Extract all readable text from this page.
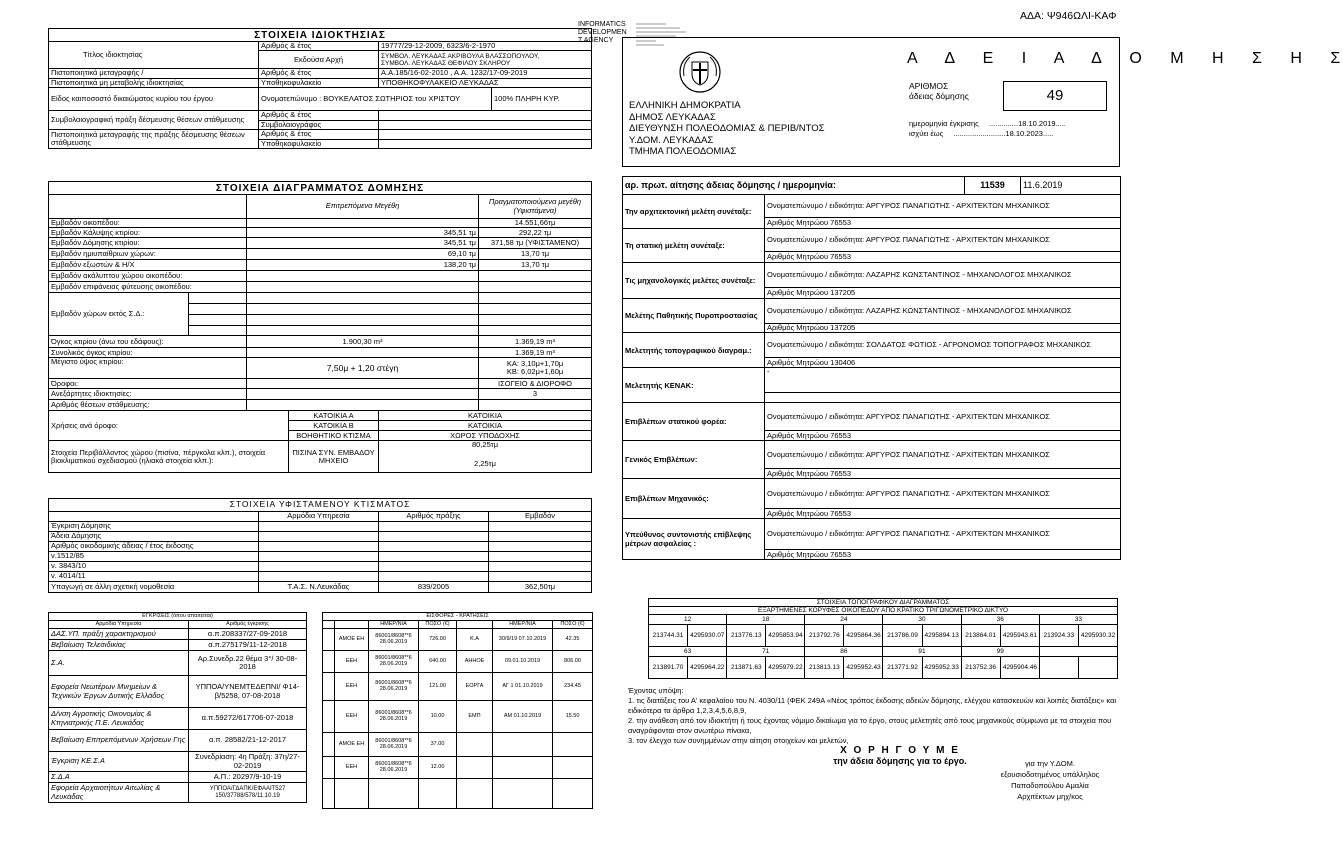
ΑΔΑ: Ψ946ΩΛΙ-ΚΑΦ
INFORMATICS
DEVELOPMEN
T AGENCY
ΣΤΟΙΧΕΙΑ ΙΔΙΟΚΤΗΣΙΑΣ			
Τίτλος ιδιοκτησίας	Αριθμός & έτος	19777/29-12-2009, 6323/6-2-1970	
	Εκδούσα Αρχή	ΣΥΜΒΟΛ. ΛΕΥΚΑΔΑΣ ΑΚΡΙΒΟΥΛΑ ΒΛΑΣΣΟΠΟΥΛΟΥ,
ΣΥΜΒΟΛ. ΛΕΥΚΑΔΑΣ ΘΕΦΙΛΟΥ ΣΚΛΗΡΟΥ	

Πιστοποιητικά μεταγραφής /	Αριθμός & έτος	Α.Α.185/16-02-2010 , Α.Α. 1232/17-09-2019	
Πιστοποιητικά μη μεταβολής ιδιοκτησίας	Υποθηκοφυλακείο	ΥΠΟΘΗΚΟΦΥΛΑΚΕΙΟ ΛΕΥΚΑΔΑΣ	
Είδος καιποσοστό δικαιώματος κυρίου του έργου	Ονοματεπώνυμο : ΒΟΥΚΕΛΑΤΟΣ ΣΩΤΗΡΙΟΣ του ΧΡΙΣΤΟΥ		100% ΠΛΗΡΗ ΚΥΡ.
Συμβολαιογραφική πράξη δέσμευσης θέσεων στάθμευσης	Αριθμός & έτος		
	Συμβολαιογράφος		
Πιστοποιητικά μεταγραφής της πράξης δέσμευσης θέσεων στάθμευσης	Αριθμός & έτος		
	Υποθηκοφυλακείο		
ΣΤΟΙΧΕΙΑ ΔΙΑΓΡΑΜΜΑΤΟΣ ΔΟΜΗΣΗΣ			
		Επιτρεπόμενα Μεγέθη	Πραγματοποιούμενα μεγέθη (Υφιστάμενα)
Εμβαδόν οικοπέδου:			14.551,66τμ
Εμβαδόν Κάλυψης κτιρίου:		345,51 τμ	292,22 τμ
Εμβαδόν Δόμησης κτιρίου:		345,51 τμ	371,58 τμ (ΥΦΙΣΤΑΜΕΝΟ)
Εμβαδόν ημιυπαίθριων χώρων:		69,10 τμ	13,70 τμ
Εμβαδόν εξωστών & Η/Χ		138,20 τμ	13,70 τμ
Εμβαδόν ακάλυπτου χώρου οικοπέδου:			
Εμβαδόν επιφάνειας φύτευσης οικοπέδου:			
Εμβαδόν χώρων εκτός Σ.Δ.:			

Όγκος κτιρίου (άνω του εδάφους):		1.900,30 m³	1.369,19 m³
Συνολικός όγκος κτιρίου:			1.369,19 m³
Μέγιστο ύψος κτιρίου:		7,50μ + 1,20 στέγη	ΚΑ: 3,10μ+1,70μ
ΚΒ: 6,02μ+1,60μ

Όροφοι:			ΙΣΟΓΕΙΟ & ΔΙΟΡΟΦΟ
Ανεξάρτητες ιδιοκτησίες:			3
Αριθμός θέσεων στάθμευσης:			
Χρήσεις ανά όροφο:	ΚΑΤΟΙΚΙΑ Α	ΚΑΤΟΙΚΙΑ
	ΚΑΤΟΙΚΙΑ Β	ΚΑΤΟΙΚΙΑ
	ΒΟΗΘΗΤΙΚΟ ΚΤΙΣΜΑ	ΧΩΡΟΣ ΥΠΟΔΟΧΗΣ
Στοιχεία Περιβάλλοντος χώρου (πισίνα, πέργκολα κλπ.), στοιχεία βιοκλιματικού σχεδιασμού (ηλιακά στοιχεία κλπ.):	ΠΙΣΙΝΑ ΣΥΝ. ΕΜΒΑΔΟΥ ΜΗΧΕΙΟ	80,25τμ
2,25τμ
ΣΤΟΙΧΕΙΑ ΥΦΙΣΤΑΜΕΝΟΥ ΚΤΙΣΜΑΤΟΣ			
	Αρμόδια Υπηρεσία	Αριθμός πράξης	Εμβαδόν
Έγκριση Δόμησης			
Άδεια Δόμησης			
Αριθμός οικοδομικής άδειας / έτος έκδοσης			
ν.1512/85			
ν. 3843/10			
ν. 4014/11			
Υπαγωγή σε άλλη σχετική νομοθεσία	Τ.Α.Σ. Ν.Λευκάδας	839/2005	362,50τμ
ΕΓΚΡΙΣΕΙΣ (όπου απαιτείται)	
Αρμόδια Υπηρεσία	Αριθμός έγκρισης
ΔΑΣ.ΥΠ. πράξη χαρακτηρισμού	α.π.208337/27-09-2018
Βεβαίωση Τελεσιδικίας	α.π.275179/11-12-2018
Σ.Α.	Αρ.Συνεδρ.22 θέμα 3°/ 30-08-2018
Εφορεία Νεωτέρων Μνημείων & Τεχνικών Έργων Δυτικής Ελλάδος	ΥΠΠΟΑ/ΥΝΕΜΤΕΔΕΠΝΙ/ Φ14-β/5258, 07-08-2018
Δ/νση Αγροτικής Οικονομίας & Κτηνιατρικής Π.Ε. Λευκάδας	α.π.59272/617706-07-2018
Βεβαίωση Επιτρεπόμενων Χρήσεων Γης	α.π. 28582/21-12-2017
Έγκριση ΚΕ.Σ.Α	Συνεδρίαση: 4η Πράξη: 37η/27-02-2019
Σ.Δ.Α	Α.Π.: 20297/9-10-19
Εφορεία Αρχαιοτήτων Αιτωλίας & Λευκάδας	ΥΠΠΟΑ/ΓΔΑΠΚ/ΕΦΑΑΙΤ527 150/37788/578/11.10.19
ΕΙΣΦΟΡΕΣ - ΚΡΑΤΗΣΕΙΣ						
		ΗΜΕΡ/ΝΙΑ	ΠΟΣΟ (€)		ΗΜΕΡ/ΝΙΑ	ΠΟΣΟ (€)
	ΑΜΟΕ ΕΗ	86001/8608**6 28.06.2019	726.00	Κ.Α	30/9/19 07.10.2019	42.35
	ΕΕΗ	86001/8608**6 28.06.2019	640.00	ΑΗΗΟΕ	09.01.10.2019	806.00
	ΕΕΗ	86001/8608**6 28.06.2019	121.00	ΕΟΡΓΑ	ΑΓ 1 01.10.2019	234.45
	ΕΕΗ	86001/8608**6 28.06.2019	10.00	ΕΜΠ	ΑΜ 01.10.2019	15.50
	ΑΜΟΕ ΕΗ	86001/8608**6 28.06.2019	37.00			
	ΕΕΗ	86001/8608**6 28.06.2019	12.00			

ΕΛΛΗΝΙΚΗ ΔΗΜΟΚΡΑΤΙΑ
ΔΗΜΟΣ ΛΕΥΚΑΔΑΣ
ΔΙΕΥΘΥΝΣΗ ΠΟΛΕΟΔΟΜΙΑΣ & ΠΕΡΙΒ/ΝΤΟΣ
Υ.ΔΟΜ. ΛΕΥΚΑΔΑΣ
ΤΜΗΜΑ ΠΟΛΕΟΔΟΜΙΑΣ
Α Δ Ε Ι Α Δ Ο Μ Η Σ Η Σ
ΑΡΙΘΜΟΣ
άδειας δόμησης	49
ημερομηνία έγκρισης ..............18.10.2019.....
ισχύει έως .........................18.10.2023.....
αρ. πρωτ. αίτησης άδειας δόμησης / ημερομηνία:	11539	11.6.2019
Την αρχιτεκτονική μελέτη συνέταξε:	Ονοματεπώνυμο / ειδικότητα: ΑΡΓΥΡΟΣ ΠΑΝΑΓΙΩΤΗΣ - ΑΡΧΙΤΕΚΤΩΝ ΜΗΧΑΝΙΚΟΣ
	Αριθμός Μητρώου 76553
Τη στατική μελέτη συνέταξε:	Ονοματεπώνυμο / ειδικότητα: ΑΡΓΥΡΟΣ ΠΑΝΑΓΙΩΤΗΣ - ΑΡΧΙΤΕΚΤΩΝ ΜΗΧΑΝΙΚΟΣ
	Αριθμός Μητρώου 76553
Τις μηχανολογικές μελέτες συνέταξε:	Ονοματεπώνυμο / ειδικότητα: ΛΑΖΑΡΗΣ ΚΩΝΣΤΑΝΤΙΝΟΣ - ΜΗΧΑΝΟΛΟΓΟΣ ΜΗΧΑΝΙΚΟΣ
	Αριθμός Μητρώου 137205
Μελέτης Παθητικής Πυροπροστασίας	Ονοματεπώνυμο / ειδικότητα: ΛΑΖΑΡΗΣ ΚΩΝΣΤΑΝΤΙΝΟΣ - ΜΗΧΑΝΟΛΟΓΟΣ ΜΗΧΑΝΙΚΟΣ
	Αριθμός Μητρώου 137205
Μελετητής τοπογραφικού διαγραμ.:	Ονοματεπώνυμο / ειδικότητα: ΣΟΛΔΑΤΟΣ ΦΩΤΙΟΣ - ΑΓΡΟΝΟΜΟΣ ΤΟΠΟΓΡΑΦΟΣ ΜΗΧΑΝΙΚΟΣ
	Αριθμός Μητρώου 130406
Μελετητής ΚΕΝΑΚ:	-

Επιβλέπων στατικού φορέα:	Ονοματεπώνυμο / ειδικότητα: ΑΡΓΥΡΟΣ ΠΑΝΑΓΙΩΤΗΣ - ΑΡΧΙΤΕΚΤΩΝ ΜΗΧΑΝΙΚΟΣ
	Αριθμός Μητρώου 76553
Γενικός Επιβλέπων:	Ονοματεπώνυμο / ειδικότητα: ΑΡΓΥΡΟΣ ΠΑΝΑΓΙΩΤΗΣ - ΑΡΧΙΤΕΚΤΩΝ ΜΗΧΑΝΙΚΟΣ
	Αριθμός Μητρώου 76553
Επιβλέπων Μηχανικός:	Ονοματεπώνυμο / ειδικότητα: ΑΡΓΥΡΟΣ ΠΑΝΑΓΙΩΤΗΣ - ΑΡΧΙΤΕΚΤΩΝ ΜΗΧΑΝΙΚΟΣ
	Αριθμός Μητρώου 76553
Υπεύθυνος συντονιστής επίβλεψης μέτρων ασφαλείας :	Ονοματεπώνυμο / ειδικότητα: ΑΡΓΥΡΟΣ ΠΑΝΑΓΙΩΤΗΣ - ΑΡΧΙΤΕΚΤΩΝ ΜΗΧΑΝΙΚΟΣ
	Αριθμός Μητρώου 76553
ΣΤΟΙΧΕΙΑ ΤΟΠΟΓΡΑΦΙΚΟΥ ΔΙΑΓΡΑΜΜΑΤΟΣ											
ΕΞΑΡΤΗΜΕΝΕΣ ΚΟΡΥΦΕΣ ΟΙΚΟΠΕΔΟΥ ΑΠΟ ΚΡΑΤΙΚΟ ΤΡΙΓΩΝΟΜΕΤΡΙΚΟ ΔΙΚΤΥΟ											
12		18		24		30		36		33	
213744.31	4295930.07	213776.13	4295853.94	213792.76	4295864.36	213786.09	4295894.13	213864.01	4295943.61	213924.33	4295930.32
63		71		86		91		99			
213891.70	4295964.22	213871.63	4295979.22	213813.13	4295952.43	213771.92	4295952.33	213752.36	4295904.46		
Έχοντας υπόψη:
1. τις διατάξεις του Α' κεφαλαίου του Ν. 4030/11 (ΦΕΚ 249Α «Νέος τρόπος έκδοσης αδειών δόμησης, ελέγχου κατασκευών και λοιπές διατάξεις» και ειδικότερα τα άρθρα 1,2,3,4,5,6,8,9,
2. την ανάθεση από τον ιδιοκτήτη ή τους έχοντας νόμιμο δικαίωμα για το έργο, στους μελετητές από τους μηχανικούς σύμφωνα με τα στοιχεία που αναγράφονται στον ανωτέρω πίνακα,
3. τον έλεγχο των συνημμένων στην αίτηση στοιχείων και μελετών,
Χ Ο Ρ Η Γ Ο Υ Μ Ε
την άδεια δόμησης για το έργο.	για την Υ.ΔΟΜ.
εξουσιοδοτημένος υπάλληλος
Παπαδοπούλου Αμαλία
Αρχιτέκτων μηχ/κος
